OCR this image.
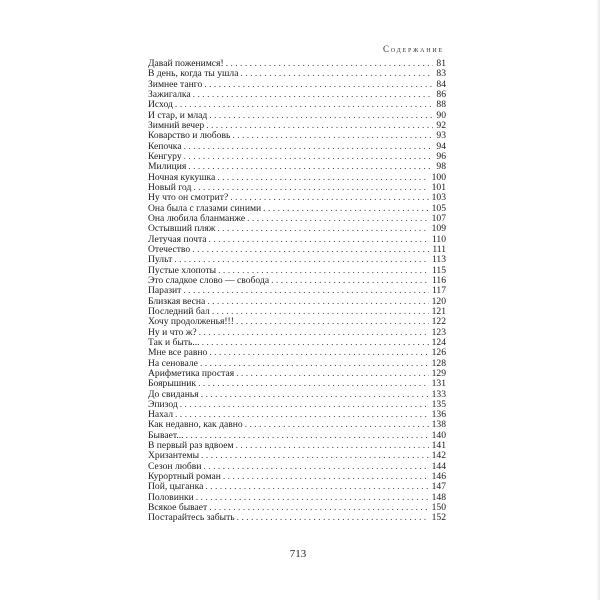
Содержание
Давай поженимся! . . .	81
В день, когда ты ушла . . .	83
Зимнее танго . . .	84
Зажигалка . . .	86
Исход . . .	88
И стар, и млад . . .	90
Зимний вечер . . .	92
Коварство и любовь . . .	93
Кепочка . . .	94
Кенгуру . . .	96
Милиция . . .	98
Ночная кукушка . . .	100
Новый год . . .	101
Ну что он смотрит? . . .	103
Она была с глазами синими . . .	105
Она любила бланманже . . .	107
Остывший пляж . . .	109
Летучая почта . . .	110
Отечество . . .	111
Пульт . . .	113
Пустые хлопоты . . .	115
Это сладкое слово — свобода . . .	116
Паразит . . .	117
Близкая весна . . .	120
Последний бал . . .	121
Хочу продолженья!!! . . .	122
Ну и что ж? . . .	123
Так и быть... . . .	124
Мне все равно . . .	126
На сеновале . . .	128
Арифметика простая . . .	129
Боярышник . . .	131
До свиданья . . .	133
Эпизод . . .	135
Нахал . . .	136
Как недавно, как давно . . .	138
Бывает... . . .	140
В первый раз вдвоем . . .	141
Хризантемы . . .	142
Сезон любви . . .	144
Курортный роман . . .	146
Пой, цыганка . . .	147
Половинки . . .	148
Всякое бывает . . .	150
Постарайтесь забыть . . .	152
713
